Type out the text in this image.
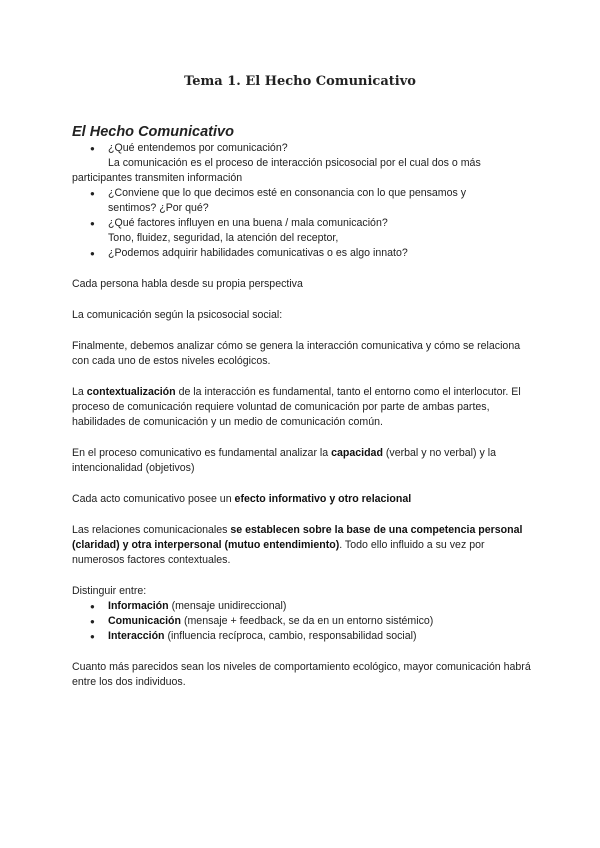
Tema 1. El Hecho Comunicativo
El Hecho Comunicativo
● ¿Qué entendemos por comunicación?
La comunicación es el proceso de interacción psicosocial por el cual dos o más
participantes transmiten información
● ¿Conviene que lo que decimos esté en consonancia con lo que pensamos y
sentimos? ¿Por qué?
● ¿Qué factores influyen en una buena / mala comunicación?
Tono, fluidez, seguridad, la atención del receptor,
● ¿Podemos adquirir habilidades comunicativas o es algo innato?

Cada persona habla desde su propia perspectiva

La comunicación según la psicosocial social:

Finalmente, debemos analizar cómo se genera la interacción comunicativa y cómo se relaciona con cada uno de estos niveles ecológicos.

La contextualización de la interacción es fundamental, tanto el entorno como el interlocutor. El proceso de comunicación requiere voluntad de comunicación por parte de ambas partes, habilidades de comunicación y un medio de comunicación común.

En el proceso comunicativo es fundamental analizar la capacidad (verbal y no verbal) y la intencionalidad (objetivos)

Cada acto comunicativo posee un efecto informativo y otro relacional

Las relaciones comunicacionales se establecen sobre la base de una competencia personal (claridad) y otra interpersonal (mutuo entendimiento). Todo ello influido a su vez por numerosos factores contextuales.

Distinguir entre:

● Información (mensaje unidireccional)
● Comunicación (mensaje + feedback, se da en un entorno sistémico)
● Interacción (influencia recíproca, cambio, responsabilidad social)

Cuanto más parecidos sean los niveles de comportamiento ecológico, mayor comunicación habrá entre los dos individuos.
